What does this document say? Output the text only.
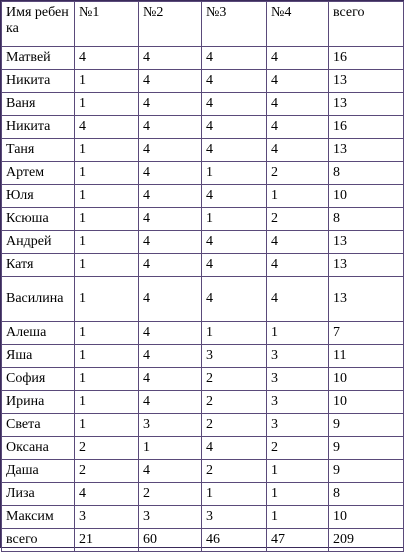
Имя ребенка	№1	№2	№3	№4	всего
Матвей	4	4	4	4	16
Никита	1	4	4	4	13
Ваня	1	4	4	4	13
Никита	4	4	4	4	16
Таня	1	4	4	4	13
Артем	1	4	1	2	8
Юля	1	4	4	1	10
Ксюша	1	4	1	2	8
Андрей	1	4	4	4	13
Катя	1	4	4	4	13
Василина	1	4	4	4	13
Алеша	1	4	1	1	7
Яша	1	4	3	3	11
София	1	4	2	3	10
Ирина	1	4	2	3	10
Света	1	3	2	3	9
Оксана	2	1	4	2	9
Даша	2	4	2	1	9
Лиза	4	2	1	1	8
Максим	3	3	3	1	10
всего	21	60	46	47	209
